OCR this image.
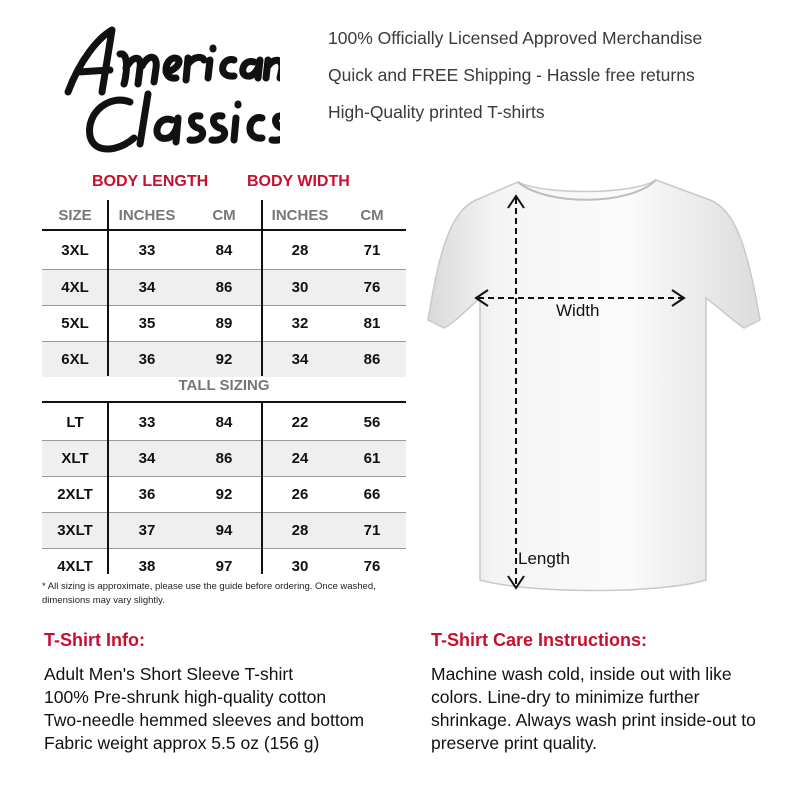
100% Officially Licensed Approved Merchandise
Quick and FREE Shipping - Hassle free returns
High-Quality printed T-shirts
BODY LENGTH BODY WIDTH
SIZE	INCHES	CM	INCHES	CM
3XL	33	84	28	71
4XL	34	86	30	76
5XL	35	89	32	81
6XL	36	92	34	86
TALL SIZING
LT	33	84	22	56
XLT	34	86	24	61
2XLT	36	92	26	66
3XLT	37	94	28	71
4XLT	38	97	30	76
* All sizing is approximate, please use the guide before ordering. Once washed, dimensions may vary slightly.
Width
Length
T-Shirt Info:
Adult Men's Short Sleeve T-shirt
100% Pre-shrunk high-quality cotton
Two-needle hemmed sleeves and bottom
Fabric weight approx 5.5 oz (156 g)
T-Shirt Care Instructions:
Machine wash cold, inside out with like colors. Line-dry to minimize further shrinkage. Always wash print inside-out to preserve print quality.
